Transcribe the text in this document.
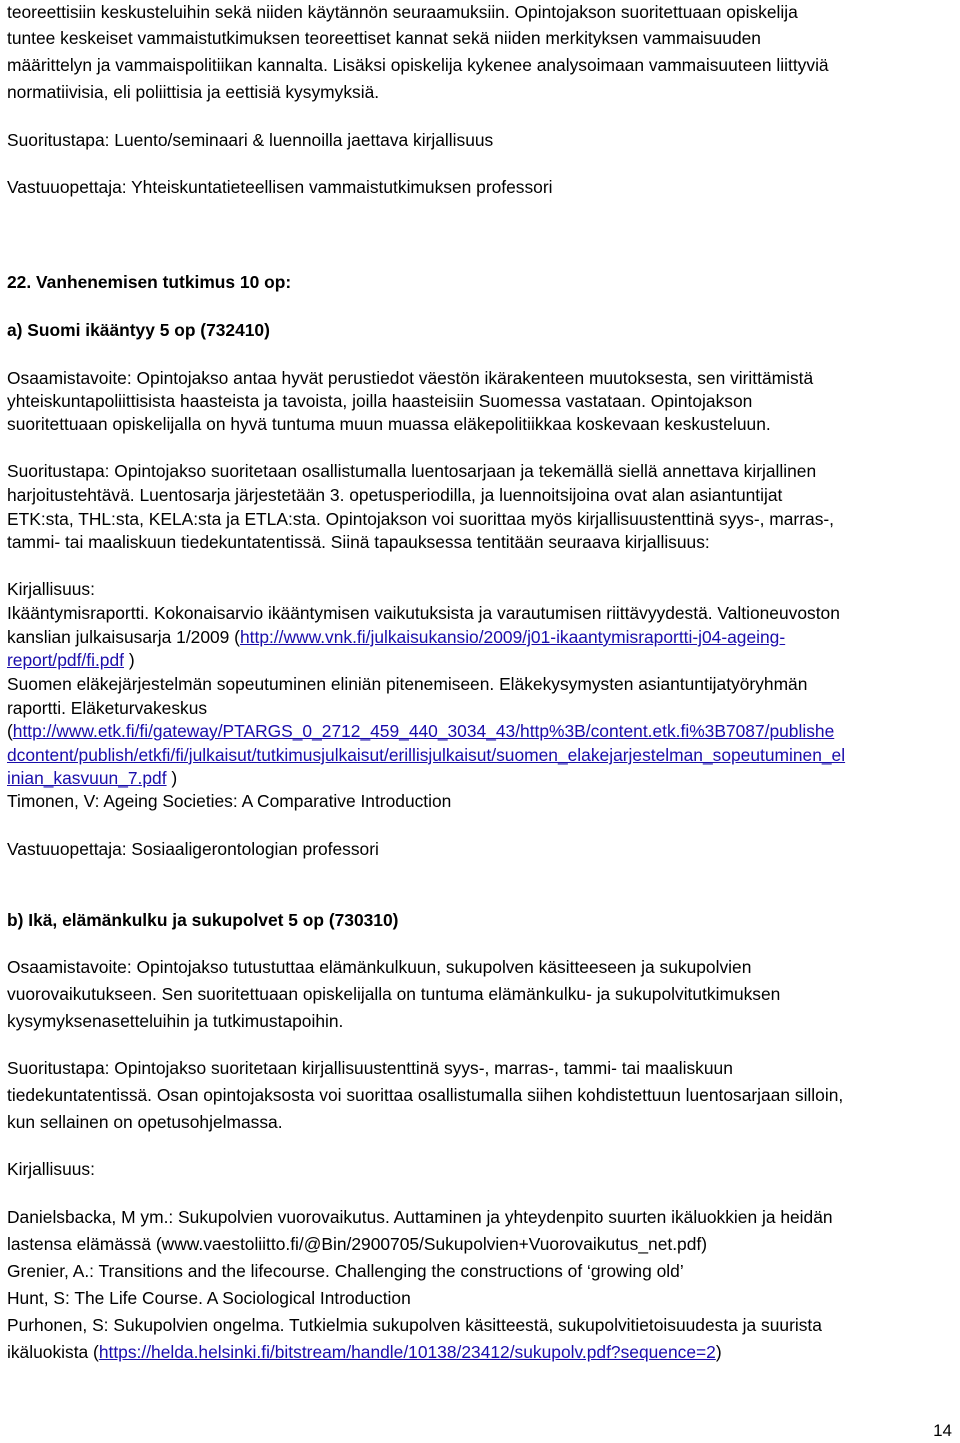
teoreettisiin keskusteluihin sekä niiden käytännön seuraamuksiin. Opintojakson suoritettuaan opiskelija
tuntee keskeiset vammaistutkimuksen teoreettiset kannat sekä niiden merkityksen vammaisuuden
määrittelyn ja vammaispolitiikan kannalta. Lisäksi opiskelija kykenee analysoimaan vammaisuuteen liittyviä
normatiivisia, eli poliittisia ja eettisiä kysymyksiä.
Suoritustapa: Luento/seminaari & luennoilla jaettava kirjallisuus
Vastuuopettaja: Yhteiskuntatieteellisen vammaistutkimuksen professori
22. Vanhenemisen tutkimus 10 op:
a) Suomi ikääntyy 5 op (732410)
Osaamistavoite: Opintojakso antaa hyvät perustiedot väestön ikärakenteen muutoksesta, sen virittämistä
yhteiskuntapoliittisista haasteista ja tavoista, joilla haasteisiin Suomessa vastataan. Opintojakson
suoritettuaan opiskelijalla on hyvä tuntuma muun muassa eläkepolitiikkaa koskevaan keskusteluun.
Suoritustapa: Opintojakso suoritetaan osallistumalla luentosarjaan ja tekemällä siellä annettava kirjallinen
harjoitustehtävä. Luentosarja järjestetään 3. opetusperiodilla, ja luennoitsijoina ovat alan asiantuntijat
ETK:sta, THL:sta, KELA:sta ja ETLA:sta. Opintojakson voi suorittaa myös kirjallisuustenttinä syys-, marras-,
tammi- tai maaliskuun tiedekuntatentissä. Siinä tapauksessa tentitään seuraava kirjallisuus:
Kirjallisuus:
Ikääntymisraportti. Kokonaisarvio ikääntymisen vaikutuksista ja varautumisen riittävyydestä. Valtioneuvoston
kanslian julkaisusarja 1/2009 (http://www.vnk.fi/julkaisukansio/2009/j01-ikaantymisraportti-j04-ageing-
report/pdf/fi.pdf )
Suomen eläkejärjestelmän sopeutuminen eliniän pitenemiseen. Eläkekysymysten asiantuntijatyöryhmän
raportti. Eläketurvakeskus
(http://www.etk.fi/fi/gateway/PTARGS_0_2712_459_440_3034_43/http%3B/content.etk.fi%3B7087/publishe
dcontent/publish/etkfi/fi/julkaisut/tutkimusjulkaisut/erillisjulkaisut/suomen_elakejarjestelman_sopeutuminen_el
inian_kasvuun_7.pdf )
Timonen, V: Ageing Societies: A Comparative Introduction
Vastuuopettaja: Sosiaaligerontologian professori
b) Ikä, elämänkulku ja sukupolvet 5 op (730310)
Osaamistavoite: Opintojakso tutustuttaa elämänkulkuun, sukupolven käsitteeseen ja sukupolvien
vuorovaikutukseen. Sen suoritettuaan opiskelijalla on tuntuma elämänkulku- ja sukupolvitutkimuksen
kysymyksenasetteluihin ja tutkimustapoihin.
Suoritustapa: Opintojakso suoritetaan kirjallisuustenttinä syys-, marras-, tammi- tai maaliskuun
tiedekuntatentissä. Osan opintojaksosta voi suorittaa osallistumalla siihen kohdistettuun luentosarjaan silloin,
kun sellainen on opetusohjelmassa.
Kirjallisuus:
Danielsbacka, M ym.: Sukupolvien vuorovaikutus. Auttaminen ja yhteydenpito suurten ikäluokkien ja heidän
lastensa elämässä (www.vaestoliitto.fi/@Bin/2900705/Sukupolvien+Vuorovaikutus_net.pdf)
Grenier, A.: Transitions and the lifecourse. Challenging the constructions of ‘growing old’
Hunt, S: The Life Course. A Sociological Introduction
Purhonen, S: Sukupolvien ongelma. Tutkielmia sukupolven käsitteestä, sukupolvitietoisuudesta ja suurista
ikäluokista (https://helda.helsinki.fi/bitstream/handle/10138/23412/sukupolv.pdf?sequence=2)
14
